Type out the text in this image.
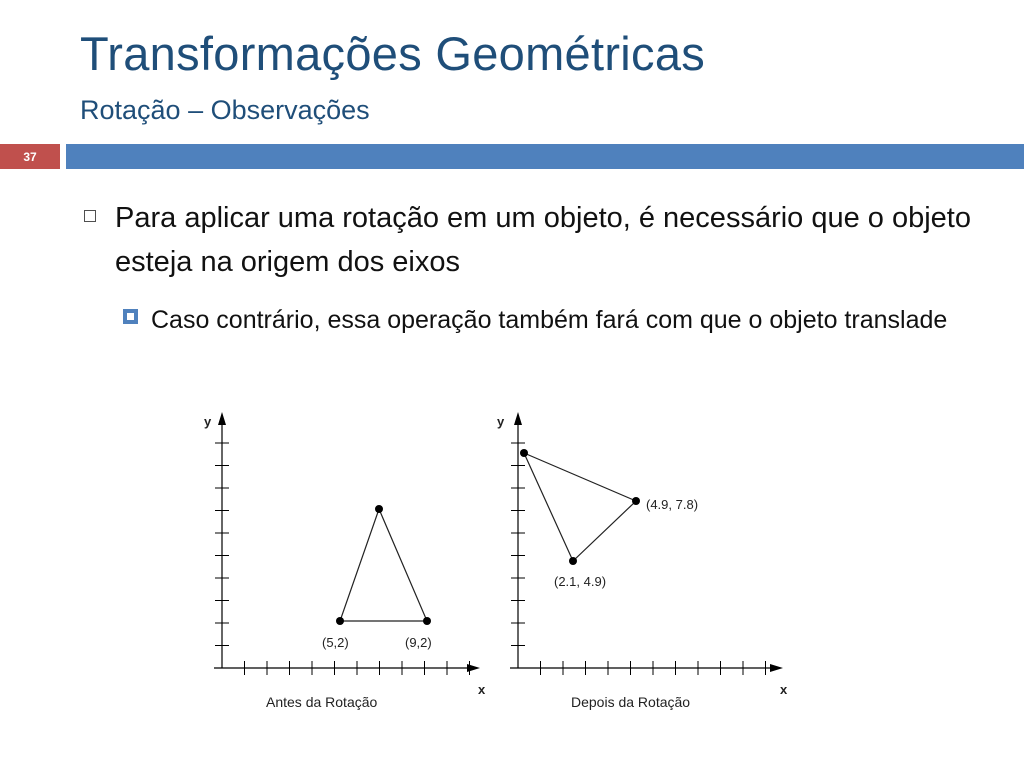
Transformações Geométricas
Rotação – Observações
37
Para aplicar uma rotação em um objeto, é necessário que o objeto esteja na origem dos eixos
Caso contrário, essa operação também fará com que o objeto translade
y
x
(5,2)	(9,2)
Antes da Rotação
y
x
(4.9, 7.8)
(2.1, 4.9)
Depois da Rotação
